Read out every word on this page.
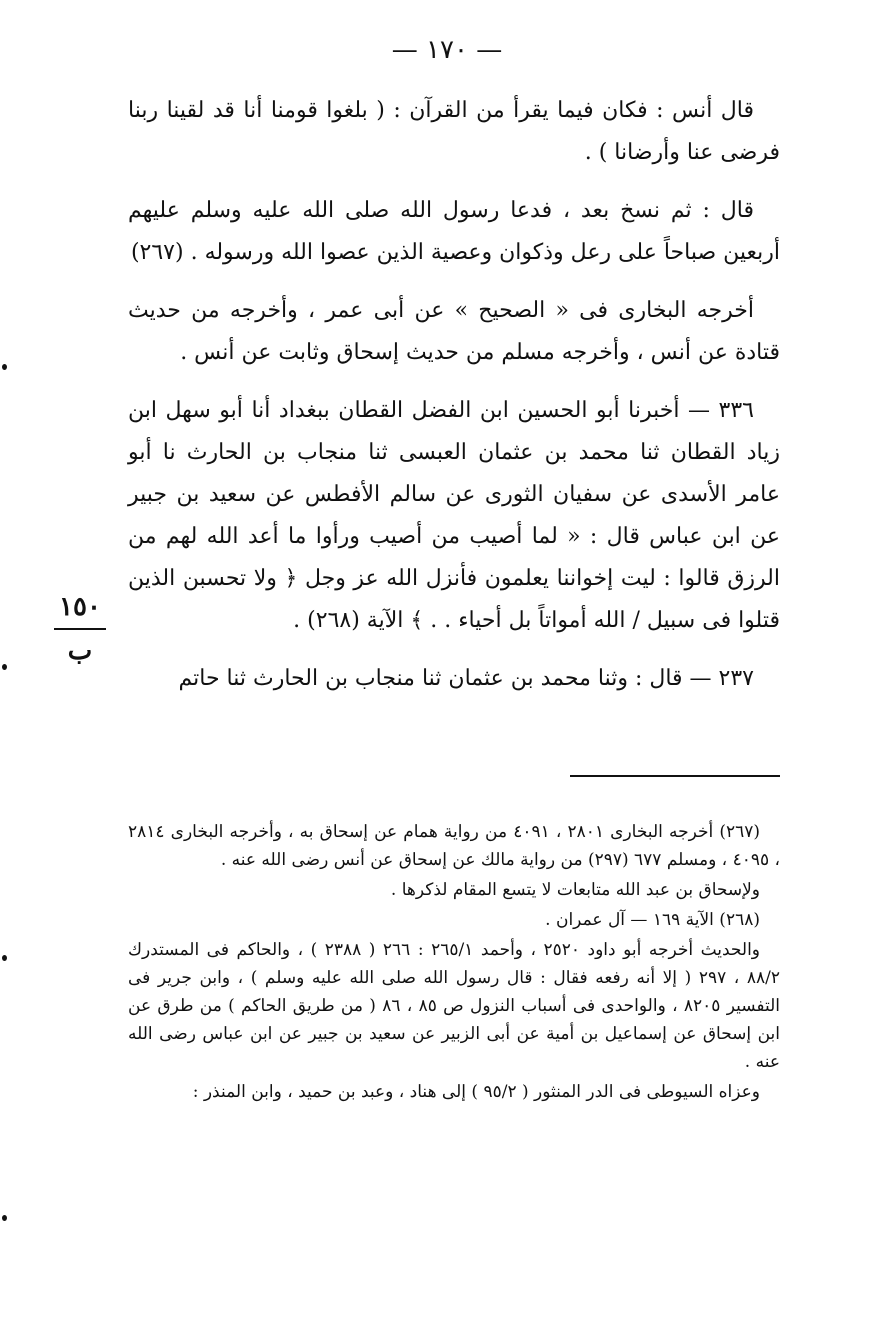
— ١٧٠ —

قال أنس : فكان فيما يقرأ من القرآن : ( بلغوا قومنا أنا قد لقينا ربنا فرضى عنا وأرضانا ) .

قال : ثم نسخ بعد ، فدعا رسول الله صلى الله عليه وسلم عليهم أربعين صباحاً على رعل وذكوان وعصية الذين عصوا الله ورسوله . (٢٦٧)

أخرجه البخارى فى « الصحيح » عن أبى عمر ، وأخرجه من حديث قتادة عن أنس ، وأخرجه مسلم من حديث إسحاق وثابت عن أنس .

٣٣٦ — أخبرنا أبو الحسين ابن الفضل القطان ببغداد أنا أبو سهل ابن زياد القطان ثنا محمد بن عثمان العبسى ثنا منجاب بن الحارث نا أبو عامر الأسدى عن سفيان الثورى عن سالم الأفطس عن سعيد بن جبير عن ابن عباس قال : « لما أصيب من أصيب ورأوا ما أعد الله لهم من الرزق قالوا : ليت إخواننا يعلمون فأنزل الله عز وجل ﴿ ولا تحسبن الذين قتلوا فى سبيل / الله أمواتاً بل أحياء . . ﴾ الآية (٢٦٨) .

٢٣٧ — قال : وثنا محمد بن عثمان ثنا منجاب بن الحارث ثنا حاتم

١٥٠
ب

(٢٦٧) أخرجه البخارى ٢٨٠١ ، ٤٠٩١ من رواية همام عن إسحاق به ، وأخرجه البخارى ٢٨١٤ ، ٤٠٩٥ ، ومسلم ٦٧٧ (٢٩٧) من رواية مالك عن إسحاق عن أنس رضى الله عنه .

ولإسحاق بن عبد الله متابعات لا يتسع المقام لذكرها .

(٢٦٨) الآية ١٦٩ — آل عمران .

والحديث أخرجه أبو داود ٢٥٢٠ ، وأحمد ٢٦٥/١ : ٢٦٦ ( ٢٣٨٨ ) ، والحاكم فى المستدرك ٨٨/٢ ، ٢٩٧ ( إلا أنه رفعه فقال : قال رسول الله صلى الله عليه وسلم ) ، وابن جرير فى التفسير ٨٢٠٥ ، والواحدى فى أسباب النزول ص ٨٥ ، ٨٦ ( من طريق الحاكم ) من طرق عن ابن إسحاق عن إسماعيل بن أمية عن أبى الزبير عن سعيد بن جبير عن ابن عباس رضى الله عنه .

وعزاه السيوطى فى الدر المنثور ( ٩٥/٢ ) إلى هناد ، وعبد بن حميد ، وابن المنذر :
